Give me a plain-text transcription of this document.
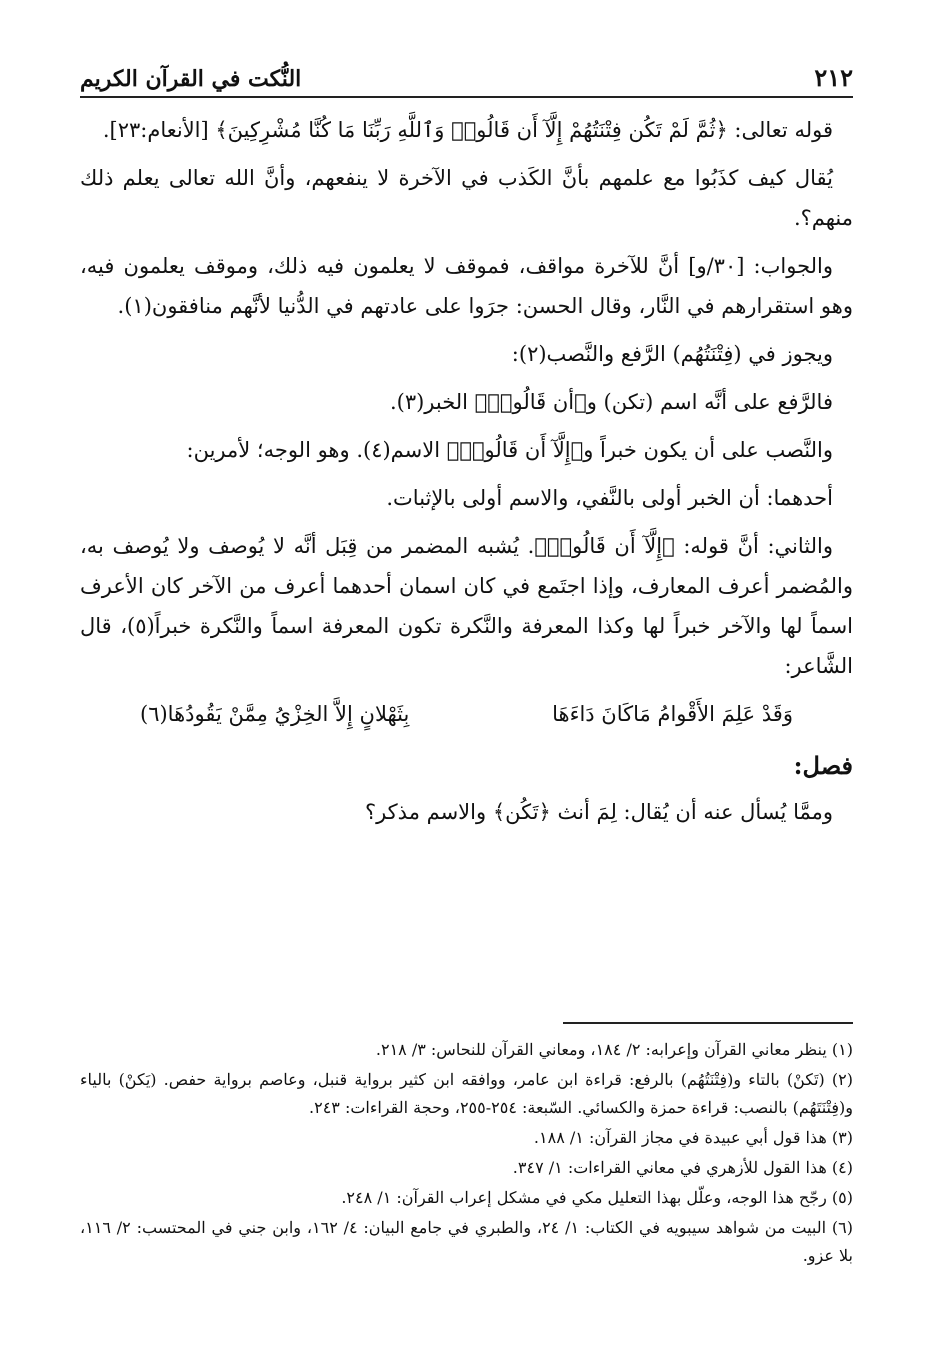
٢١٢
النُّكت في القرآن الكريم

قوله تعالى: ﴿ثُمَّ لَمْ تَكُن فِتْنَتُهُمْ إِلَّآ أَن قَالُوا۟ وَٱللَّهِ رَبِّنَا مَا كُنَّا مُشْرِكِينَ﴾ [الأنعام:٢٣].

يُقال كيف كذَبُوا مع علمهم بأنَّ الكَذب في الآخرة لا ينفعهم، وأنَّ الله تعالى يعلم ذلك منهم؟.

والجواب: [٣٠/و] أنَّ للآخرة مواقف، فموقف لا يعلمون فيه ذلك، وموقف يعلمون فيه، وهو استقرارهم في النَّار، وقال الحسن: جرَوا على عادتهم في الدُّنيا لأنَّهم منافقون(١).

ويجوز في (فِتْنَتُهُم) الرَّفع والنَّصب(٢):

فالرَّفع على أنَّه اسم (تكن) و﴿أن قَالُوا۟﴾ الخبر(٣).

والنَّصب على أن يكون خبراً و﴿إِلَّآ أَن قَالُوا۟﴾ الاسم(٤). وهو الوجه؛ لأمرين:

أحدهما: أن الخبر أولى بالنَّفي، والاسم أولى بالإثبات.

والثاني: أنَّ قوله: ﴿إِلَّآ أَن قَالُوا۟﴾. يُشبه المضمر من قِبَل أنَّه لا يُوصف ولا يُوصف به، والمُضمر أعرف المعارف، وإذا اجتَمع في كان اسمان أحدهما أعرف من الآخر كان الأعرف اسماً لها والآخر خبراً لها وكذا المعرفة والنَّكرة تكون المعرفة اسماً والنَّكرة خبراً(٥)، قال الشَّاعر:

وَقَدْ عَلِمَ الأَقْوامُ مَاكَانَ دَاءَهَا
بِثَهْلانٍ إِلاَّ الخِزْيُ مِمَّنْ يَقُودُهَا(٦)
فصل:

وممَّا يُسأل عنه أن يُقال: لِمَ أنث ﴿تَكُن﴾ والاسم مذكر؟

(١) ينظر معاني القرآن وإعرابه: ٢/ ١٨٤، ومعاني القرآن للنحاس: ٣/ ٢١٨.

(٢) (تَكنْ) بالتاء و(فِتْنَتُهُم) بالرفع: قراءة ابن عامر، ووافقه ابن كثير برواية قنبل، وعاصم برواية حفص. (يَكنْ) بالياء و(فِتْنَتَهُم) بالنصب: قراءة حمزة والكسائي. السّبعة: ٢٥٤-٢٥٥، وحجة القراءات: ٢٤٣.

(٣) هذا قول أبي عبيدة في مجاز القرآن: ١/ ١٨٨.

(٤) هذا القول للأزهري في معاني القراءات: ١/ ٣٤٧.

(٥) رجّح هذا الوجه، وعلّل بهذا التعليل مكي في مشكل إعراب القرآن: ١/ ٢٤٨.

(٦) البيت من شواهد سيبويه في الكتاب: ١/ ٢٤، والطبري في جامع البيان: ٤/ ١٦٢، وابن جني في المحتسب: ٢/ ١١٦، بلا عزو.
